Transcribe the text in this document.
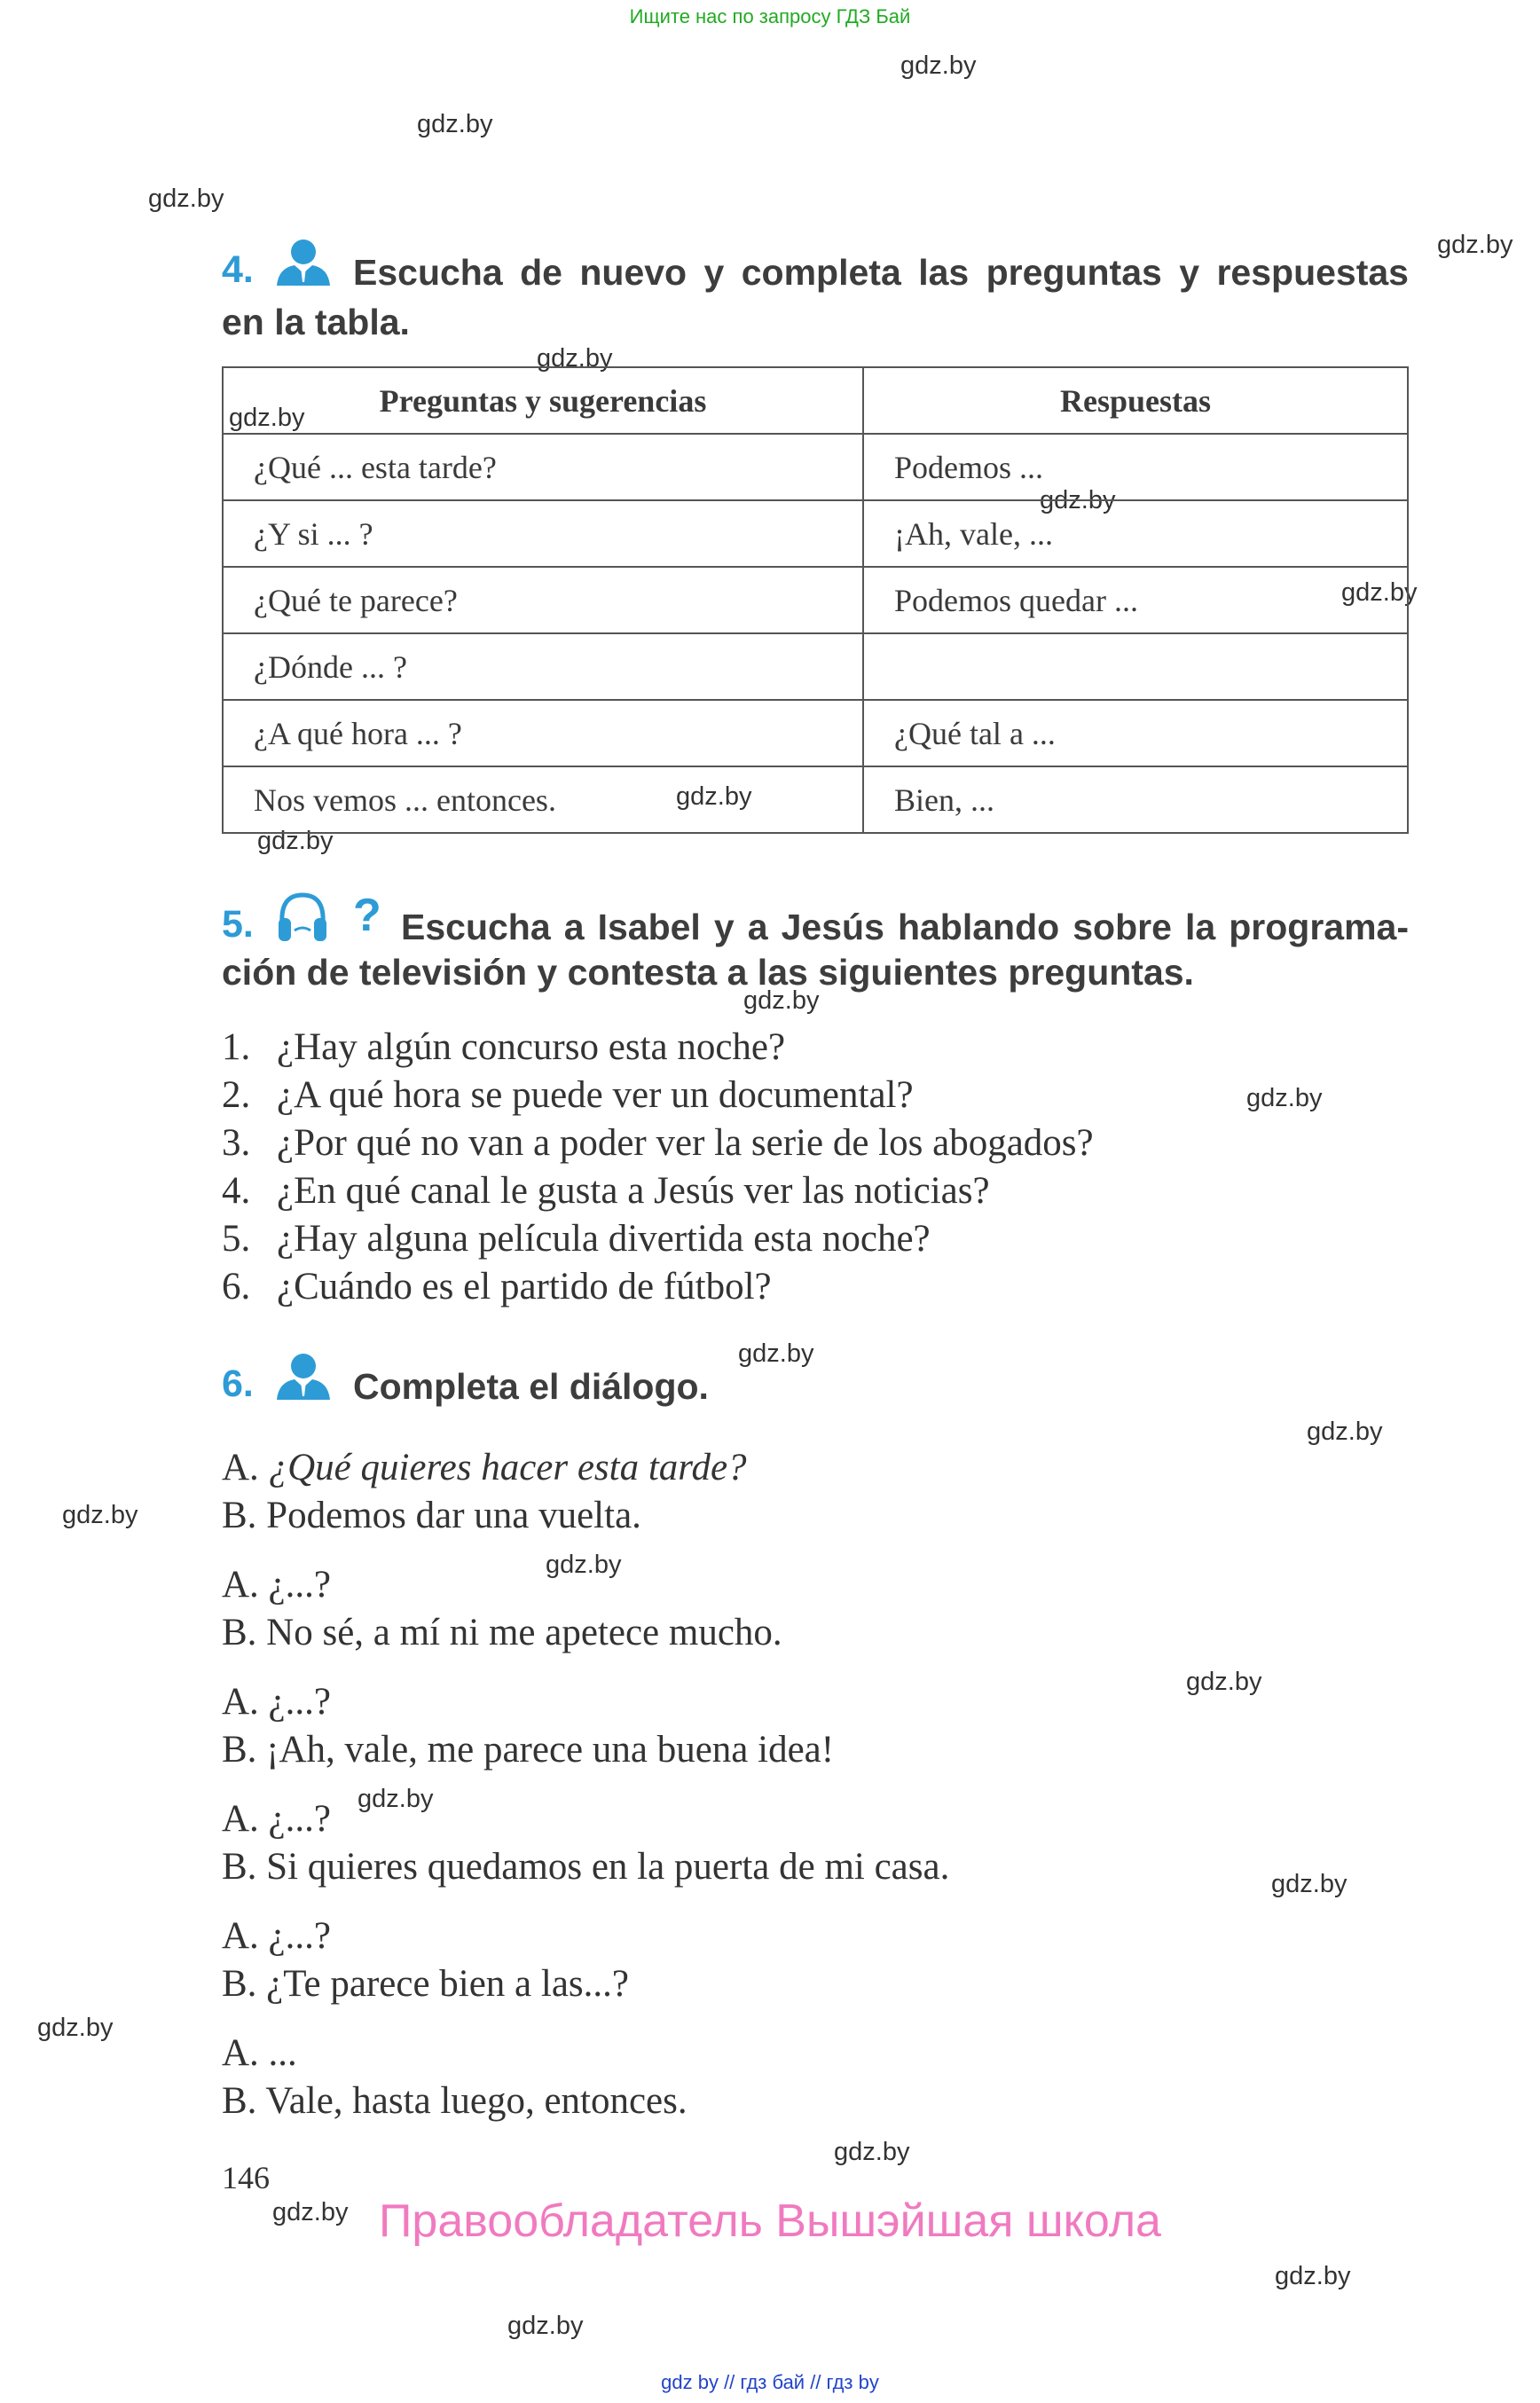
Ищите нас по запросу ГДЗ Бай
gdz.by
gdz.by
gdz.by
gdz.by
gdz.by
gdz.by
gdz.by
gdz.by
gdz.by
gdz.by
gdz.by
gdz.by
gdz.by
gdz.by
gdz.by
gdz.by
gdz.by
gdz.by
gdz.by
gdz.by
gdz.by
gdz.by
gdz.by
gdz.by
4.	Escucha de nuevo y completa las preguntas y respuestas
en la tabla.
Preguntas y sugerencias	Respuestas
¿Qué ... esta tarde?	Podemos ...
¿Y si ... ?	¡Ah, vale, ...
¿Qué te parece?	Podemos quedar ...
¿Dónde ... ?	
¿A qué hora ... ?	¿Qué tal a ...
Nos vemos ... entonces.	Bien, ...
5. ? Escucha a Isabel y a Jesús hablando sobre la programa-
ción de televisión y contesta a las siguientes preguntas.
1. ¿Hay algún concurso esta noche?
2. ¿A qué hora se puede ver un documental?
3. ¿Por qué no van a poder ver la serie de los abogados?
4. ¿En qué canal le gusta a Jesús ver las noticias?
5. ¿Hay alguna película divertida esta noche?
6. ¿Cuándo es el partido de fútbol?
6.	Completa el diálogo.
A. ¿Qué quieres hacer esta tarde?
B. Podemos dar una vuelta.
A. ¿...?
B. No sé, a mí ni me apetece mucho.
A. ¿...?
B. ¡Ah, vale, me parece una buena idea!
A. ¿...?
B. Si quieres quedamos en la puerta de mi casa.
A. ¿...?
B. ¿Te parece bien a las...?
A. ...
B. Vale, hasta luego, entonces.
146
Правообладатель Вышэйшая школа
gdz by // гдз бай // гдз by
